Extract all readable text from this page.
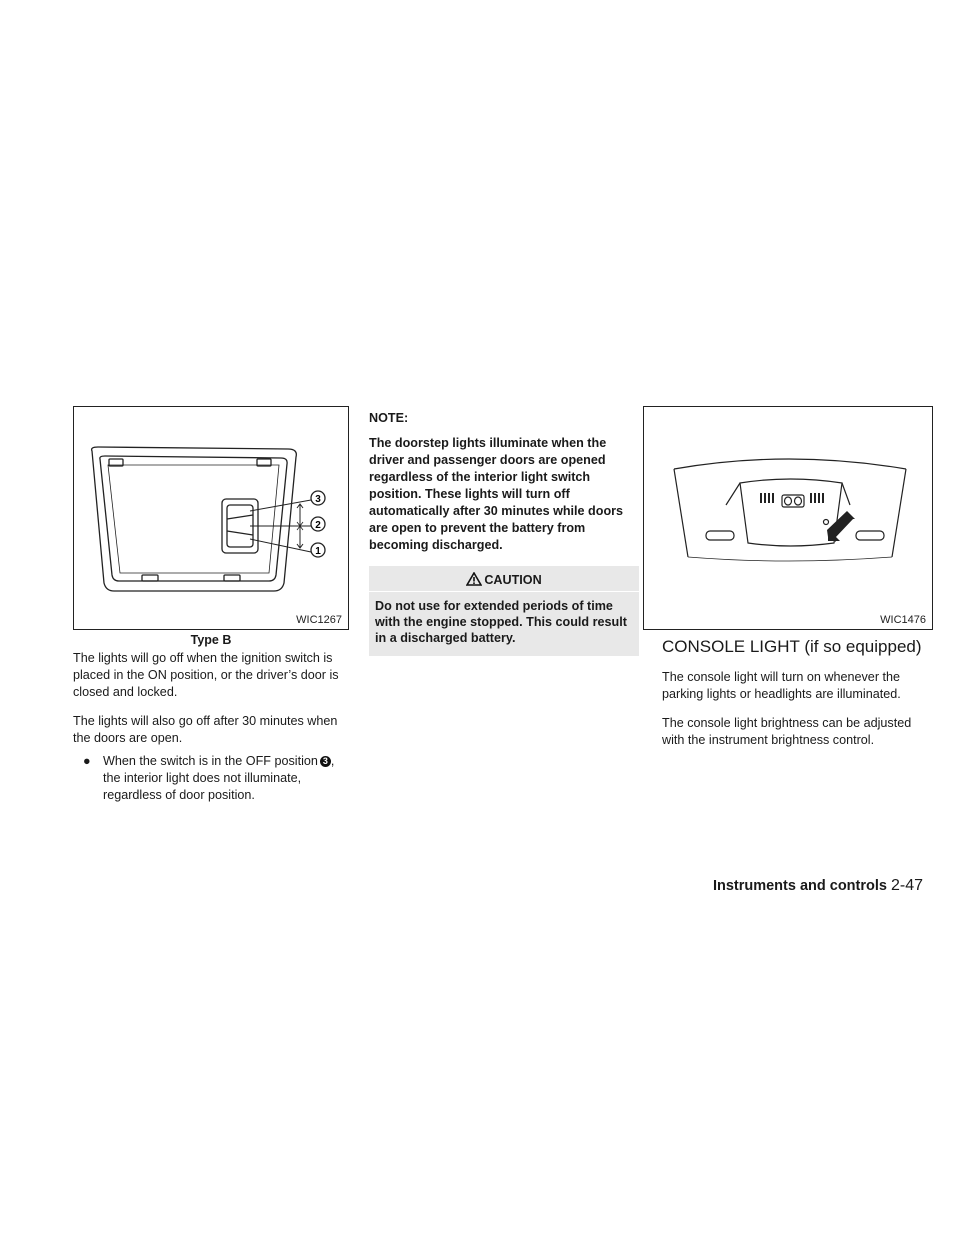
3
2
1
WIC1267
Type B

The lights will go off when the ignition switch is placed in the ON position, or the driver’s door is closed and locked.

The lights will also go off after 30 minutes when the doors are open.

● When the switch is in the OFF position 3 , the interior light does not illuminate, regardless of door position.
NOTE:

The doorstep lights illuminate when the driver and passenger doors are opened regardless of the interior light switch position. These lights will turn off automatically after 30 minutes while doors are open to prevent the battery from becoming discharged.

CAUTION
Do not use for extended periods of time with the engine stopped. This could result in a discharged battery.
WIC1476
CONSOLE LIGHT (if so equipped)

The console light will turn on whenever the parking lights or headlights are illuminated.

The console light brightness can be adjusted with the instrument brightness control.

Instruments and controls 2-47
